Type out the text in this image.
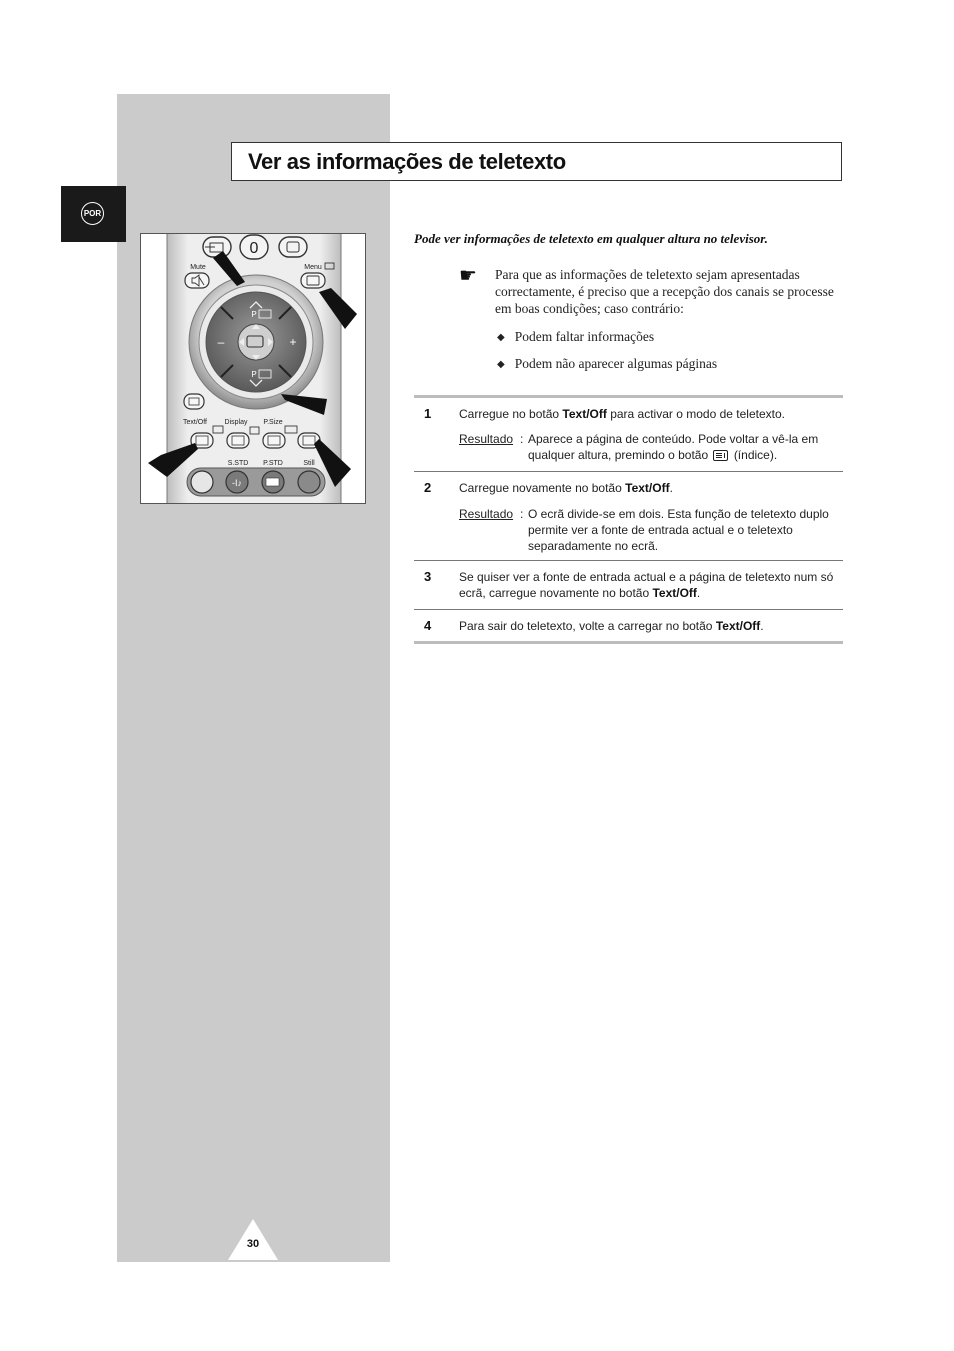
POR
Ver as informações de teletexto
0
Mute	Menu
P
P
–	+
Text/Off	Display P.Size
S.STD P.STD	Still
-I♪
Pode ver informações de teletexto em qualquer altura no televisor.
☛ Para que as informações de teletexto sejam apresentadas correctamente, é preciso que a recepção dos canais se processe em boas condições; caso contrário:
◆ Podem faltar informações
◆ Podem não aparecer algumas páginas
1 Carregue no botão Text/Off para activar o modo de teletexto.
Resultado : Aparece a página de conteúdo. Pode voltar a vê-la em qualquer altura, premindo o botão (índice).
2 Carregue novamente no botão Text/Off.
Resultado : O ecrã divide-se em dois. Esta função de teletexto duplo permite ver a fonte de entrada actual e o teletexto separadamente no ecrã.
3 Se quiser ver a fonte de entrada actual e a página de teletexto num só ecrã, carregue novamente no botão Text/Off.
4 Para sair do teletexto, volte a carregar no botão Text/Off.
30
